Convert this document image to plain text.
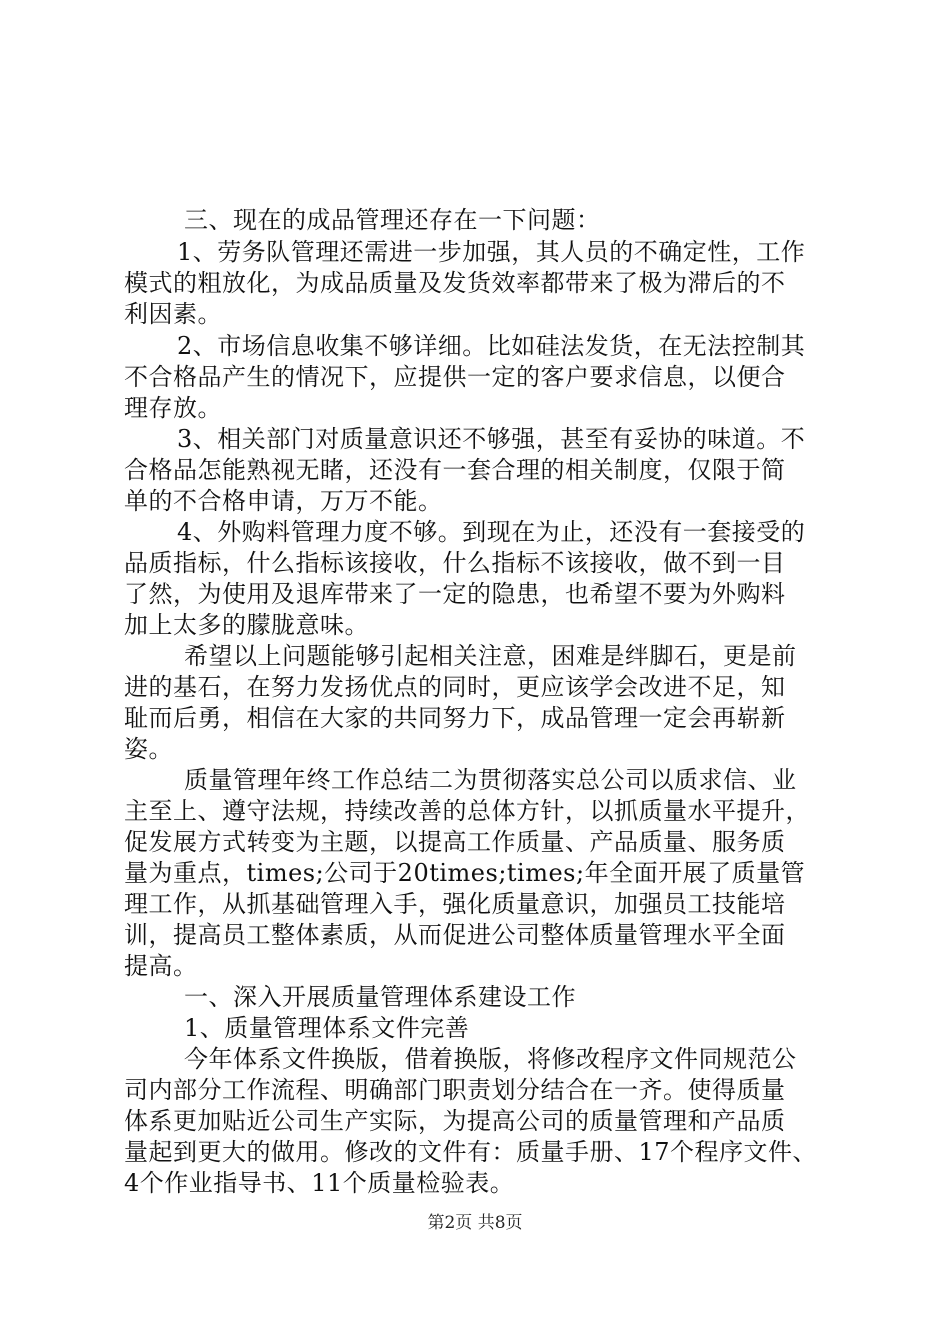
三、现在的成品管理还存在一下问题：
1、劳务队管理还需进一步加强，其人员的不确定性，工作
模式的粗放化，为成品质量及发货效率都带来了极为滞后的不
利因素。
2、市场信息收集不够详细。比如硅法发货，在无法控制其
不合格品产生的情况下，应提供一定的客户要求信息，以便合
理存放。
3、相关部门对质量意识还不够强，甚至有妥协的味道。不
合格品怎能熟视无睹，还没有一套合理的相关制度，仅限于简
单的不合格申请，万万不能。
4、外购料管理力度不够。到现在为止，还没有一套接受的
品质指标，什么指标该接收，什么指标不该接收，做不到一目
了然，为使用及退库带来了一定的隐患，也希望不要为外购料
加上太多的朦胧意味。
希望以上问题能够引起相关注意，困难是绊脚石，更是前
进的基石，在努力发扬优点的同时，更应该学会改进不足，知
耻而后勇，相信在大家的共同努力下，成品管理一定会再崭新
姿。
质量管理年终工作总结二为贯彻落实总公司以质求信、业
主至上、遵守法规，持续改善的总体方针，以抓质量水平提升，
促发展方式转变为主题，以提高工作质量、产品质量、服务质
量为重点，times;公司于20times;times;年全面开展了质量管
理工作，从抓基础管理入手，强化质量意识，加强员工技能培
训，提高员工整体素质，从而促进公司整体质量管理水平全面
提高。
一、深入开展质量管理体系建设工作
1、质量管理体系文件完善
今年体系文件换版，借着换版，将修改程序文件同规范公
司内部分工作流程、明确部门职责划分结合在一齐。使得质量
体系更加贴近公司生产实际，为提高公司的质量管理和产品质
量起到更大的做用。修改的文件有：质量手册、17个程序文件、
4个作业指导书、11个质量检验表。
第2页 共8页
